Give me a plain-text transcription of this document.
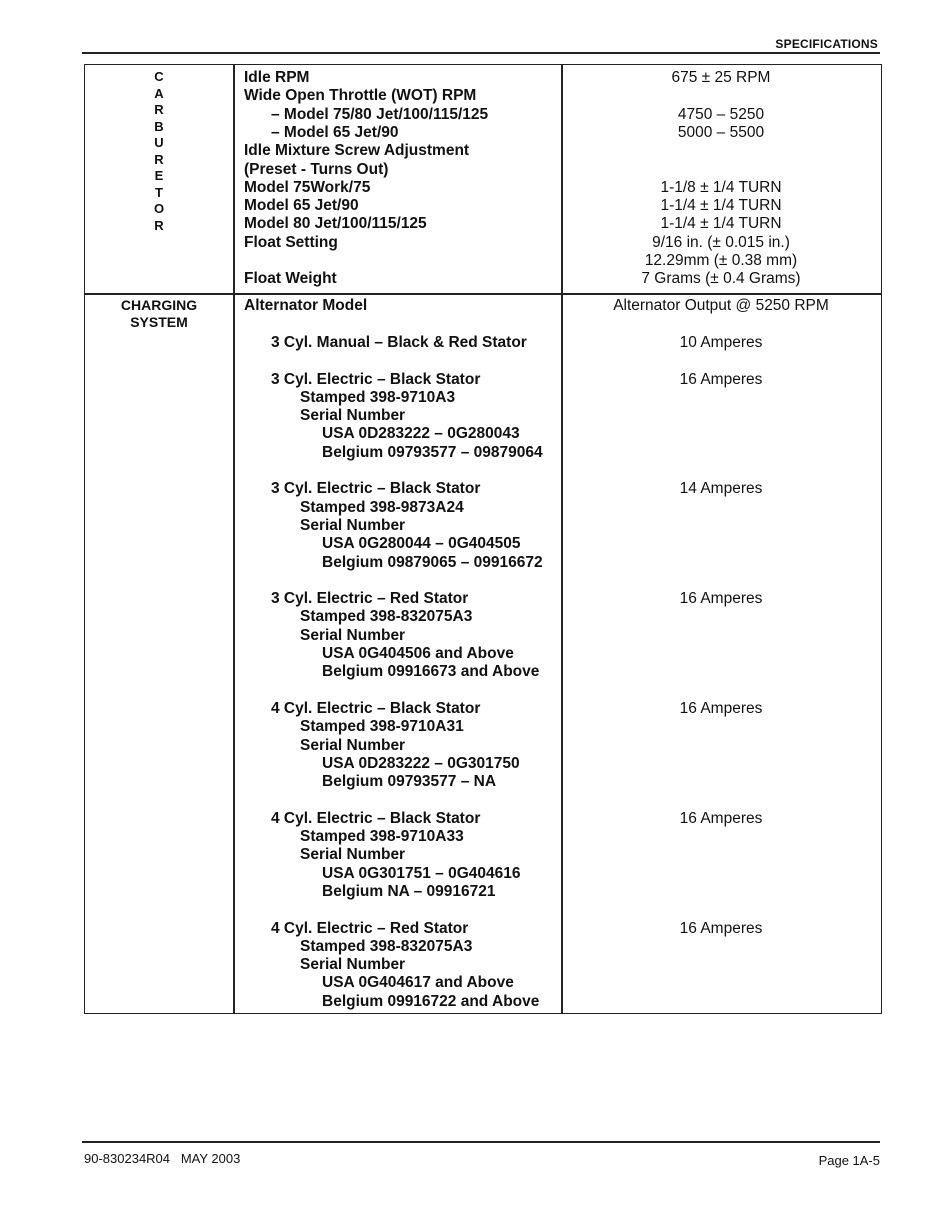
SPECIFICATIONS
C
A
R
B
U
R
E
T
O
R
Idle RPM	675 ± 25 RPM
Wide Open Throttle (WOT) RPM
– Model 75/80 Jet/100/115/125	4750 – 5250
– Model 65 Jet/90	5000 – 5500
Idle Mixture Screw Adjustment
(Preset - Turns Out)
Model 75Work/75	1-1/8 ± 1/4 TURN
Model 65 Jet/90	1-1/4 ± 1/4 TURN
Model 80 Jet/100/115/125	1-1/4 ± 1/4 TURN
Float Setting	9/16 in. (± 0.015 in.)
12.29mm (± 0.38 mm)
Float Weight	7 Grams (± 0.4 Grams)
CHARGING
SYSTEM
Alternator Model	Alternator Output @ 5250 RPM
3 Cyl. Manual – Black & Red Stator	10 Amperes
3 Cyl. Electric – Black Stator	16 Amperes
Stamped 398-9710A3
Serial Number
USA 0D283222 – 0G280043
Belgium 09793577 – 09879064
3 Cyl. Electric – Black Stator	14 Amperes
Stamped 398-9873A24
Serial Number
USA 0G280044 – 0G404505
Belgium 09879065 – 09916672
3 Cyl. Electric – Red Stator	16 Amperes
Stamped 398-832075A3
Serial Number
USA 0G404506 and Above
Belgium 09916673 and Above
4 Cyl. Electric – Black Stator	16 Amperes
Stamped 398-9710A31
Serial Number
USA 0D283222 – 0G301750
Belgium 09793577 – NA
4 Cyl. Electric – Black Stator	16 Amperes
Stamped 398-9710A33
Serial Number
USA 0G301751 – 0G404616
Belgium NA – 09916721
4 Cyl. Electric – Red Stator	16 Amperes
Stamped 398-832075A3
Serial Number
USA 0G404617 and Above
Belgium 09916722 and Above
90-830234R04   MAY 2003	Page 1A-5
